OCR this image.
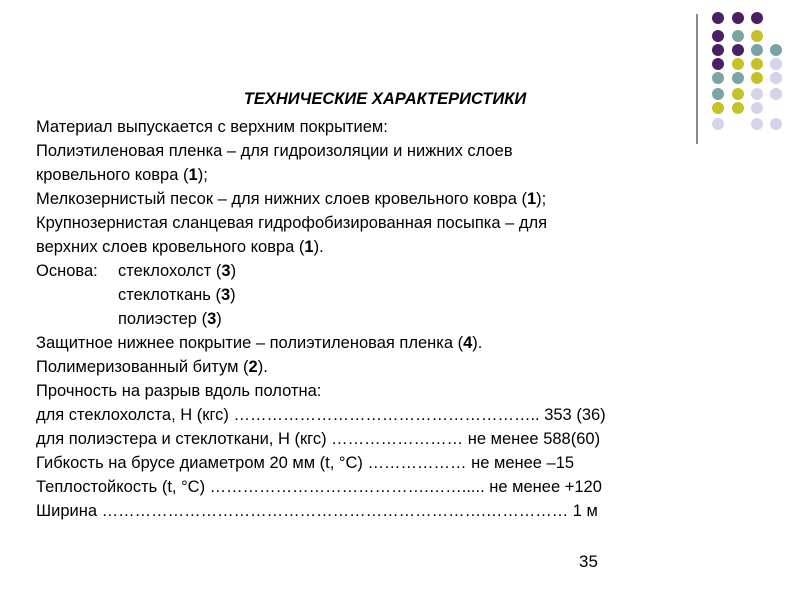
ТЕХНИЧЕСКИЕ ХАРАКТЕРИСТИКИ
Материал выпускается с верхним покрытием:
Полиэтиленовая пленка – для гидроизоляции и нижних слоев
кровельного ковра (1);
Мелкозернистый песок – для нижних слоев кровельного ковра (1);
Крупнозернистая сланцевая гидрофобизированная посыпка – для
верхних слоев кровельного ковра (1).
Основа: стеклохолст (3)
стеклоткань (3)
полиэстер (3)
Защитное нижнее покрытие – полиэтиленовая пленка (4).
Полимеризованный битум (2).
Прочность на разрыв вдоль полотна:
для стеклохолста, Н (кгс) ……………………………………………….. 353 (36)
для полиэстера и стеклоткани, Н (кгс) …………………… не менее 588(60)
Гибкость на брусе диаметром 20 мм (t, °C) ……………… не менее –15
Теплостойкость (t, °C) ………………………………….……..... не менее +120
Ширина …………………………………………………………….…………… 1 м
35
